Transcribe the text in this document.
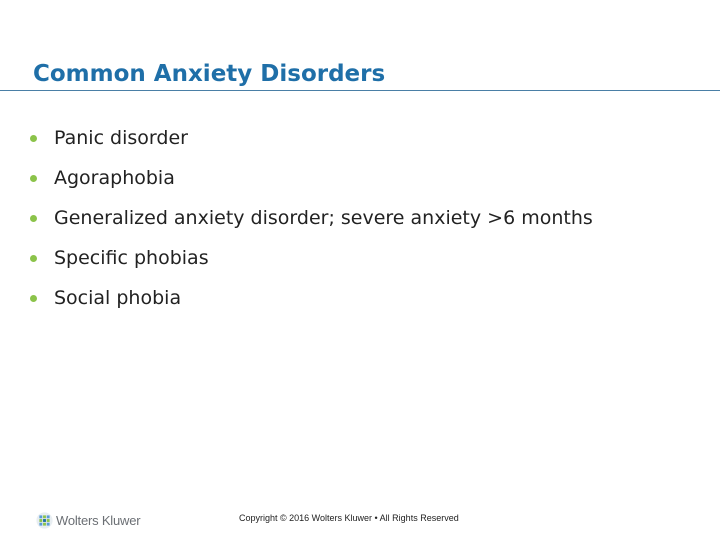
Common Anxiety Disorders
Panic disorder
Agoraphobia
Generalized anxiety disorder; severe anxiety >6 months
Specific phobias
Social phobia
Wolters Kluwer	Copyright © 2016 Wolters Kluwer • All Rights Reserved
